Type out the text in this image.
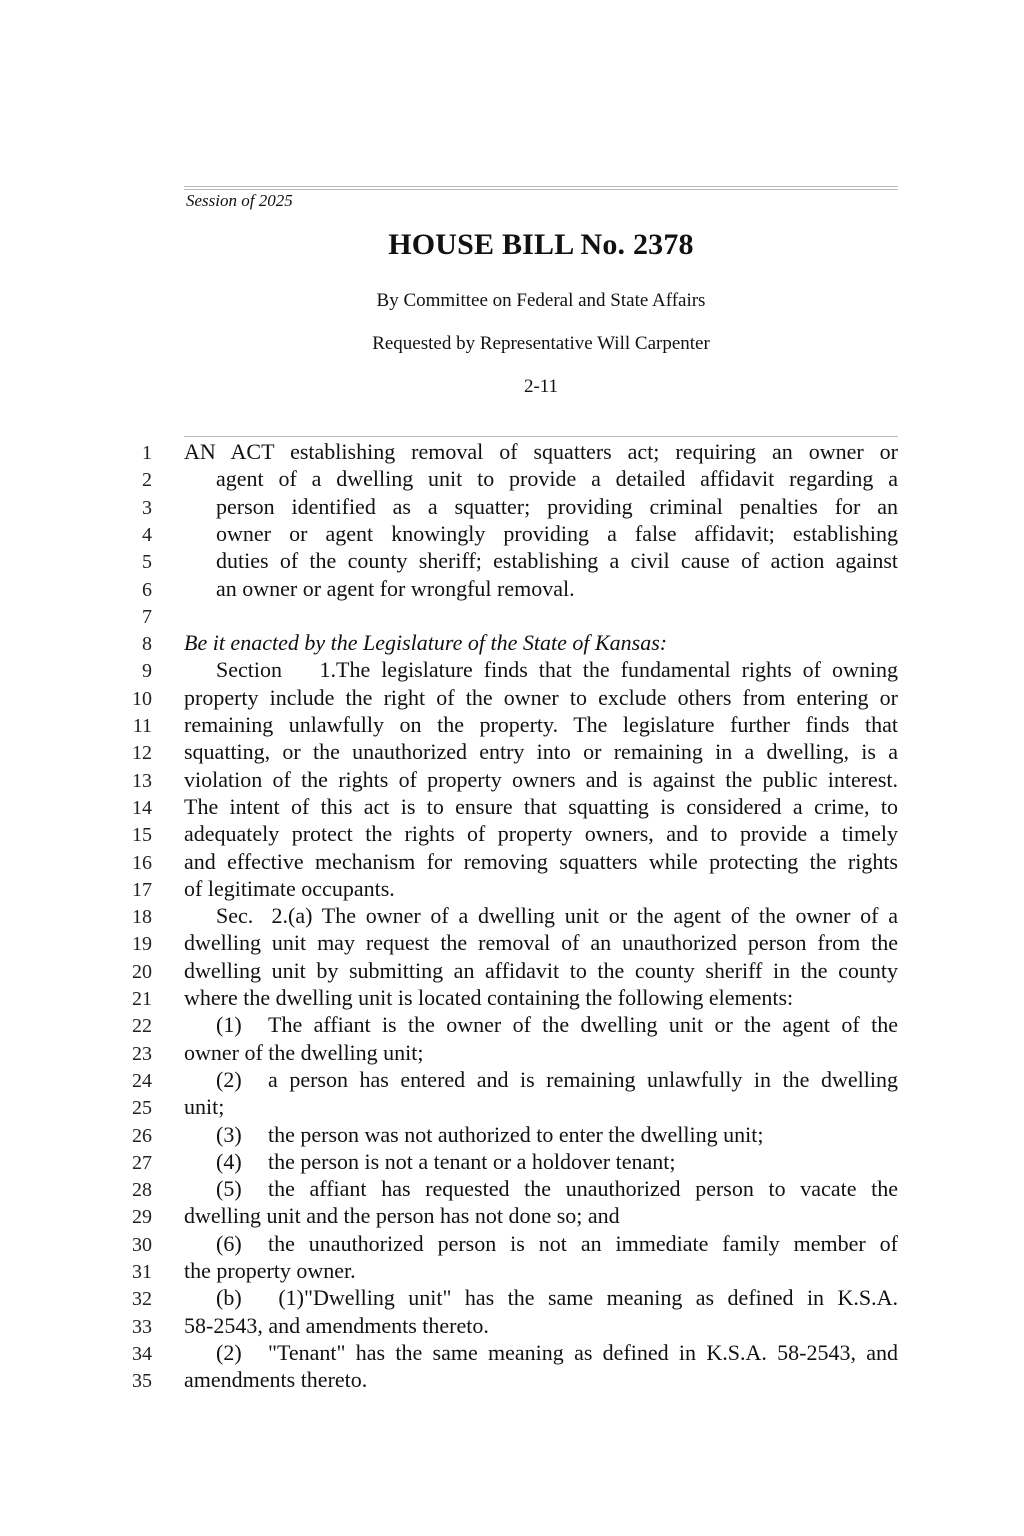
Session of 2025
HOUSE BILL No. 2378
By Committee on Federal and State Affairs
Requested by Representative Will Carpenter
2-11
1
2
3
4
5
6
7
8
9
10
11
12
13
14
15
16
17
18
19
20
21
22
23
24
25
26
27
28
29
30
31
32
33
34
35
AN ACT establishing removal of squatters act; requiring an owner or
agent of a dwelling unit to provide a detailed affidavit regarding a
person identified as a squatter; providing criminal penalties for an
owner or agent knowingly providing a false affidavit; establishing
duties of the county sheriff; establishing a civil cause of action against
an owner or agent for wrongful removal.
Be it enacted by the Legislature of the State of Kansas:
Section 1.The legislature finds that the fundamental rights of owning
property include the right of the owner to exclude others from entering or
remaining unlawfully on the property. The legislature further finds that
squatting, or the unauthorized entry into or remaining in a dwelling, is a
violation of the rights of property owners and is against the public interest.
The intent of this act is to ensure that squatting is considered a crime, to
adequately protect the rights of property owners, and to provide a timely
and effective mechanism for removing squatters while protecting the rights
of legitimate occupants.
Sec. 2.(a) The owner of a dwelling unit or the agent of the owner of a
dwelling unit may request the removal of an unauthorized person from the
dwelling unit by submitting an affidavit to the county sheriff in the county
where the dwelling unit is located containing the following elements:
(1) The affiant is the owner of the dwelling unit or the agent of the
owner of the dwelling unit;
(2) a person has entered and is remaining unlawfully in the dwelling
unit;
(3) the person was not authorized to enter the dwelling unit;
(4) the person is not a tenant or a holdover tenant;
(5) the affiant has requested the unauthorized person to vacate the
dwelling unit and the person has not done so; and
(6) the unauthorized person is not an immediate family member of
the property owner.
(b) (1)"Dwelling unit" has the same meaning as defined in K.S.A.
58-2543, and amendments thereto.
(2) "Tenant" has the same meaning as defined in K.S.A. 58-2543, and
amendments thereto.
